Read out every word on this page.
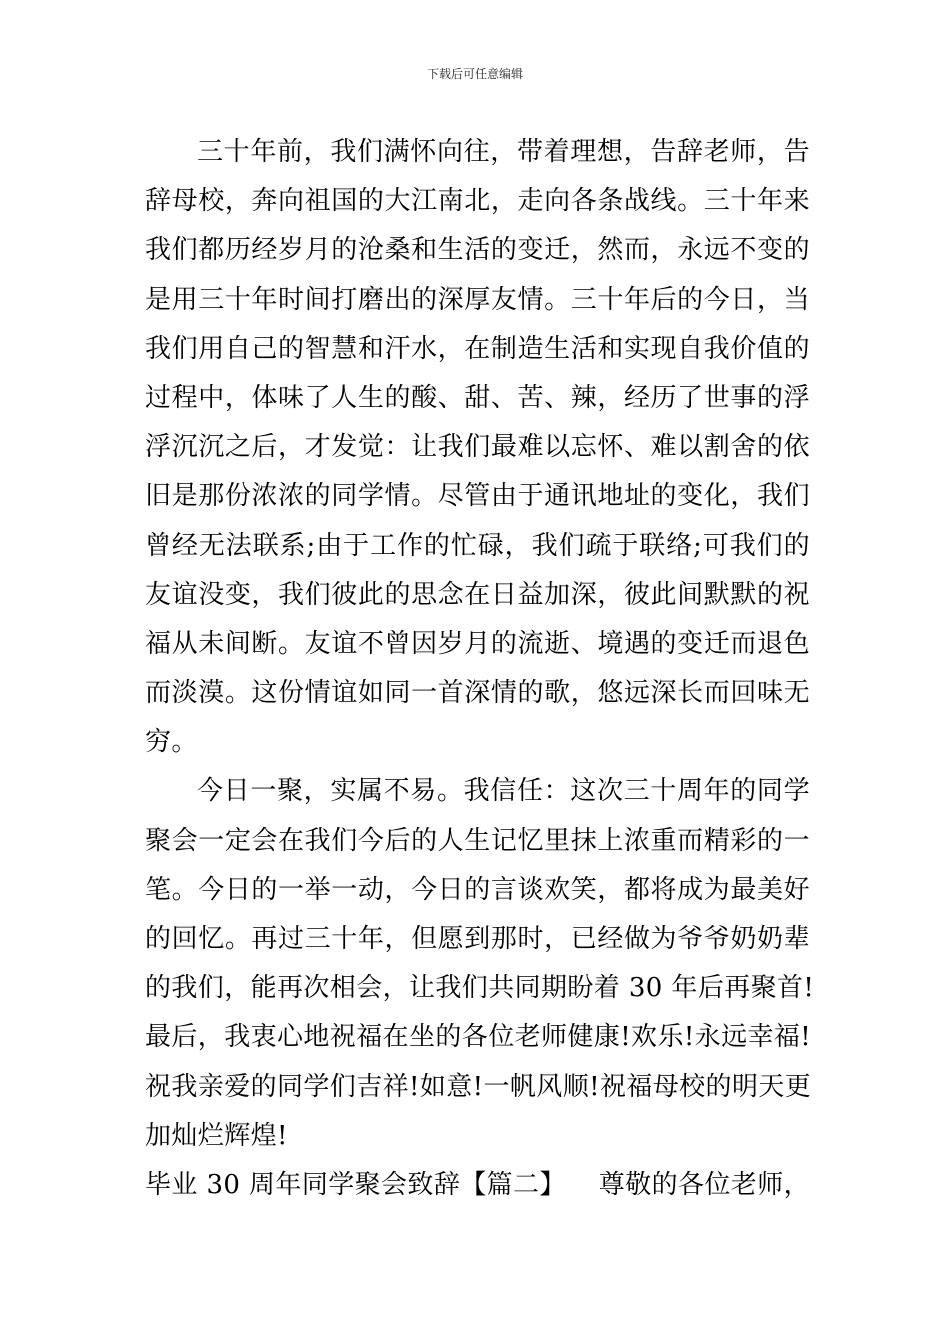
下载后可任意编辑
三十年前，我们满怀向往，带着理想，告辞老师，告
辞母校，奔向祖国的大江南北，走向各条战线。三十年来
我们都历经岁月的沧桑和生活的变迁，然而，永远不变的
是用三十年时间打磨出的深厚友情。三十年后的今日，当
我们用自己的智慧和汗水，在制造生活和实现自我价值的
过程中，体味了人生的酸、甜、苦、辣，经历了世事的浮
浮沉沉之后，才发觉：让我们最难以忘怀、难以割舍的依
旧是那份浓浓的同学情。尽管由于通讯地址的变化，我们
曾经无法联系;由于工作的忙碌，我们疏于联络;可我们的
友谊没变，我们彼此的思念在日益加深，彼此间默默的祝
福从未间断。友谊不曾因岁月的流逝、境遇的变迁而退色
而淡漠。这份情谊如同一首深情的歌，悠远深长而回味无
穷。
今日一聚，实属不易。我信任：这次三十周年的同学
聚会一定会在我们今后的人生记忆里抹上浓重而精彩的一
笔。今日的一举一动，今日的言谈欢笑，都将成为最美好
的回忆。再过三十年，但愿到那时，已经做为爷爷奶奶辈
的我们，能再次相会，让我们共同期盼着 30 年后再聚首!
最后，我衷心地祝福在坐的各位老师健康!欢乐!永远幸福!
祝我亲爱的同学们吉祥!如意!一帆风顺!祝福母校的明天更
加灿烂辉煌!
毕业 30 周年同学聚会致辞【篇二】 尊敬的各位老师，
